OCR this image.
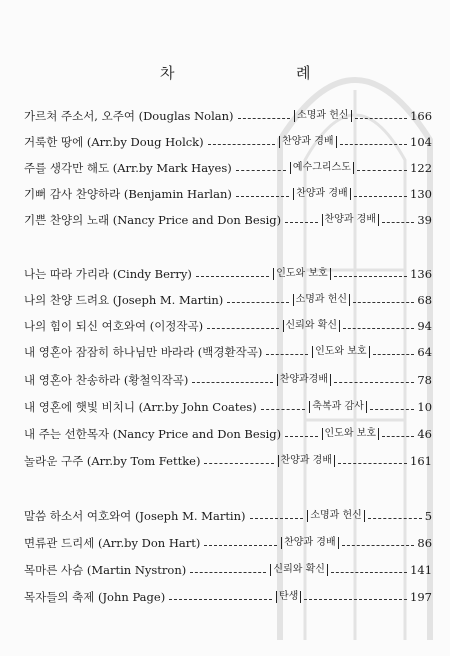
차	례
가르쳐 주소서, 오주여 (Douglas Nolan)	소명과 헌신	166
거룩한 땅에 (Arr.by Doug Holck)	찬양과 경배	104
주를 생각만 해도 (Arr.by Mark Hayes)	예수그리스도	122
기뻐 감사 찬양하라 (Benjamin Harlan)	찬양과 경배	130
기쁜 찬양의 노래 (Nancy Price and Don Besig)	찬양과 경배	39
나는 따라 가리라 (Cindy Berry)	인도와 보호	136
나의 찬양 드려요 (Joseph M. Martin)	소명과 헌신	68
나의 힘이 되신 여호와여 (이정작곡)	신뢰와 확신	94
내 영혼아 잠잠히 하나님만 바라라 (백경환작곡)	인도와 보호	64
내 영혼아 찬송하라 (황철익작곡)	찬양과경배	78
내 영혼에 햇빛 비치니 (Arr.by John Coates)	축복과 감사	10
내 주는 선한목자 (Nancy Price and Don Besig)	인도와 보호	46
놀라운 구주 (Arr.by Tom Fettke)	찬양과 경배	161
말씀 하소서 여호와여 (Joseph M. Martin)	소명과 헌신	5
면류관 드리세 (Arr.by Don Hart)	찬양과 경배	86
목마른 사슴 (Martin Nystron)	신뢰와 확신	141
목자들의 축제 (John Page)	탄생	197
